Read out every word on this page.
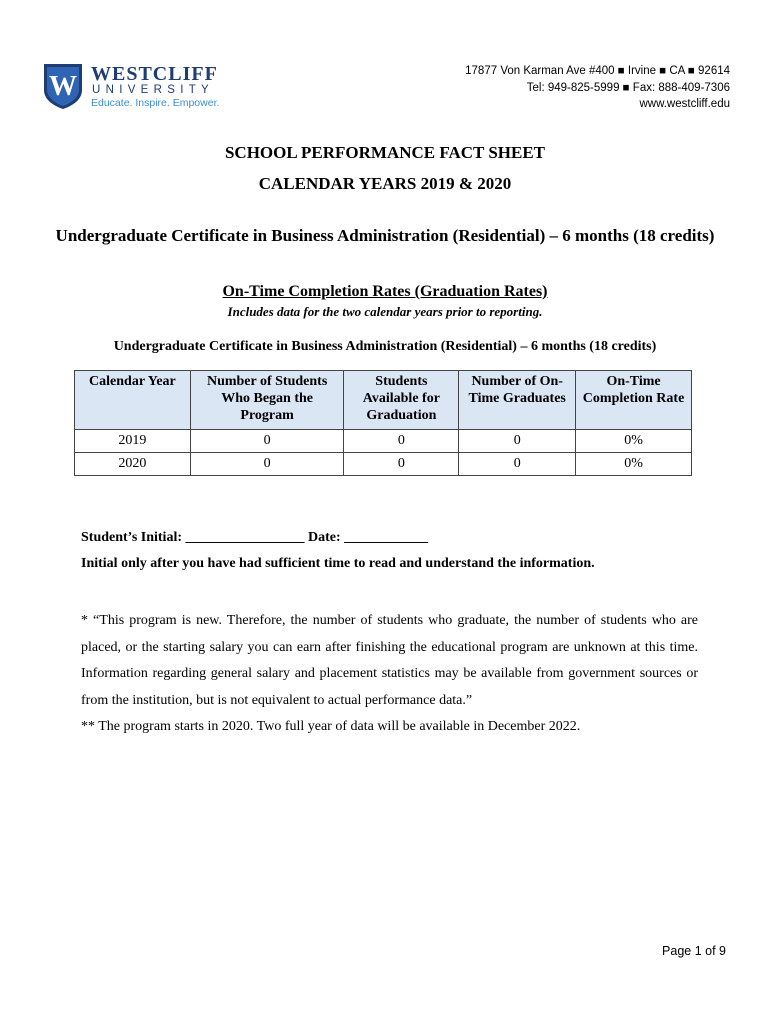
W WESTCLIFF
UNIVERSITY
Educate. Inspire. Empower.
17877 Von Karman Ave #400 ■ Irvine ■ CA ■ 92614
Tel: 949-825-5999 ■ Fax: 888-409-7306
www.westcliff.edu
SCHOOL PERFORMANCE FACT SHEET
CALENDAR YEARS 2019 & 2020
Undergraduate Certificate in Business Administration (Residential) – 6 months (18 credits)
On-Time Completion Rates (Graduation Rates)
Includes data for the two calendar years prior to reporting.
Undergraduate Certificate in Business Administration (Residential) – 6 months (18 credits)
Calendar Year	Number of Students Who Began the Program	Students Available for Graduation	Number of On-Time Graduates	On-Time Completion Rate
2019	0	0	0	0%
2020	0	0	0	0%
Student’s Initial: _________________ Date: ____________
Initial only after you have had sufficient time to read and understand the information.

* “This program is new. Therefore, the number of students who graduate, the number of students who are placed, or the starting salary you can earn after finishing the educational program are unknown at this time. Information regarding general salary and placement statistics may be available from government sources or from the institution, but is not equivalent to actual performance data.”

** The program starts in 2020. Two full year of data will be available in December 2022.

Page 1 of 9
